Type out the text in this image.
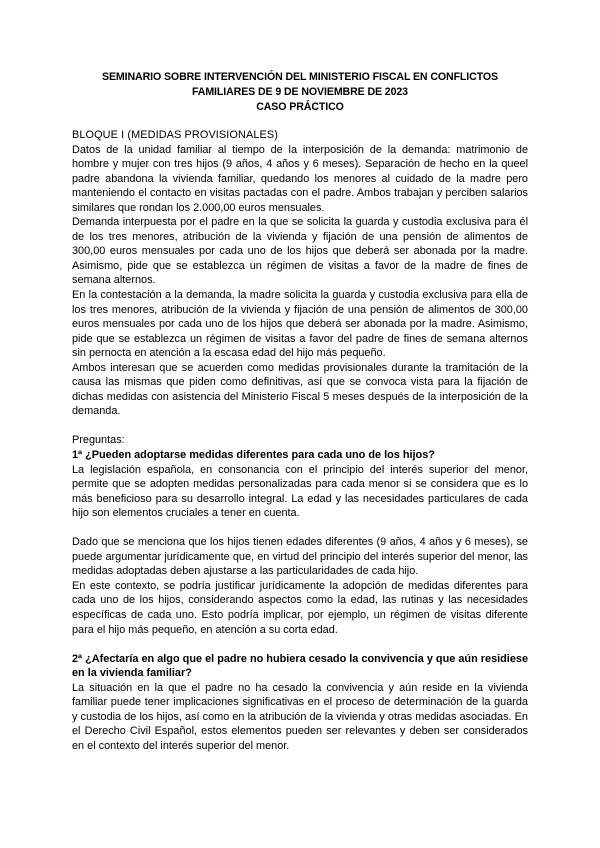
SEMINARIO SOBRE INTERVENCIÓN DEL MINISTERIO FISCAL EN CONFLICTOS
FAMILIARES DE 9 DE NOVIEMBRE DE 2023
CASO PRÁCTICO

BLOQUE I (MEDIDAS PROVISIONALES)

Datos de la unidad familiar al tiempo de la interposición de la demanda: matrimonio de hombre y mujer con tres hijos (9 años, 4 años y 6 meses). Separación de hecho en la queel padre abandona la vivienda familiar, quedando los menores al cuidado de la madre pero manteniendo el contacto en visitas pactadas con el padre. Ambos trabajan y perciben salarios similares que rondan los 2.000,00 euros mensuales.

Demanda interpuesta por el padre en la que se solicita la guarda y custodia exclusiva para él de los tres menores, atribución de la vivienda y fijación de una pensión de alimentos de 300,00 euros mensuales por cada uno de los hijos que deberá ser abonada por la madre. Asimismo, pide que se establezca un régimen de visitas a favor de la madre de fines de semana alternos.

En la contestación a la demanda, la madre solicita la guarda y custodia exclusiva para ella de los tres menores, atribución de la vivienda y fijación de una pensión de alimentos de 300,00 euros mensuales por cada uno de los hijos que deberá ser abonada por la madre. Asimismo, pide que se establezca un régimen de visitas a favor del padre de fines de semana alternos sin pernocta en atención a la escasa edad del hijo más pequeño.

Ambos interesan que se acuerden como medidas provisionales durante la tramitación de la causa las mismas que piden como definitivas, así que se convoca vista para la fijación de dichas medidas con asistencia del Ministerio Fiscal 5 meses después de la interposición de la demanda.

Preguntas:

1ª ¿Pueden adoptarse medidas diferentes para cada uno de los hijos?

La legislación española, en consonancia con el principio del interés superior del menor, permite que se adopten medidas personalizadas para cada menor si se considera que es lo más beneficioso para su desarrollo integral. La edad y las necesidades particulares de cada hijo son elementos cruciales a tener en cuenta.

Dado que se menciona que los hijos tienen edades diferentes (9 años, 4 años y 6 meses), se puede argumentar jurídicamente que, en virtud del principio del interés superior del menor, las medidas adoptadas deben ajustarse a las particularidades de cada hijo.

En este contexto, se podría justificar jurídicamente la adopción de medidas diferentes para cada uno de los hijos, considerando aspectos como la edad, las rutinas y las necesidades específicas de cada uno. Esto podría implicar, por ejemplo, un régimen de visitas diferente para el hijo más pequeño, en atención a su corta edad.

2ª ¿Afectaría en algo que el padre no hubiera cesado la convivencia y que aún residiese en la vivienda familiar?

La situación en la que el padre no ha cesado la convivencia y aún reside en la vivienda familiar puede tener implicaciones significativas en el proceso de determinación de la guarda y custodia de los hijos, así como en la atribución de la vivienda y otras medidas asociadas. En el Derecho Civil Español, estos elementos pueden ser relevantes y deben ser considerados en el contexto del interés superior del menor.
